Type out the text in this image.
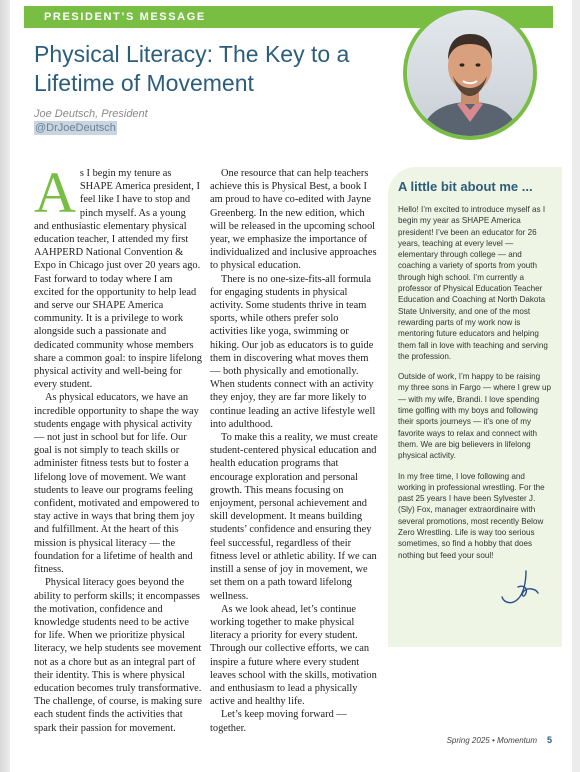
PRESIDENT’S MESSAGE
Physical Literacy: The Key to a Lifetime of Movement
Joe Deutsch, President
@DrJoeDeutsch
A s I begin my tenure as SHAPE America president, I feel like I have to stop and pinch myself. As a young and enthusiastic elementary physical education teacher, I attended my first AAHPERD National Convention & Expo in Chicago just over 20 years ago. Fast forward to today where I am excited for the opportunity to help lead and serve our SHAPE America community. It is a privilege to work alongside such a passionate and dedicated community whose members share a common goal: to inspire lifelong physical activity and well-being for every student.

As physical educators, we have an incredible opportunity to shape the way students engage with physical activity — not just in school but for life. Our goal is not simply to teach skills or administer fitness tests but to foster a lifelong love of movement. We want students to leave our programs feeling confident, motivated and empowered to stay active in ways that bring them joy and fulfillment. At the heart of this mission is physical literacy — the foundation for a lifetime of health and fitness.

Physical literacy goes beyond the ability to perform skills; it encompasses the motivation, confidence and knowledge students need to be active for life. When we prioritize physical literacy, we help students see movement not as a chore but as an integral part of their identity. This is where physical education becomes truly transformative. The challenge, of course, is making sure each student finds the activities that spark their passion for movement.

One resource that can help teachers achieve this is Physical Best, a book I am proud to have co-edited with Jayne Greenberg. In the new edition, which will be released in the upcoming school year, we emphasize the importance of individualized and inclusive approaches to physical education.

There is no one-size-fits-all formula for engaging students in physical activity. Some students thrive in team sports, while others prefer solo activities like yoga, swimming or hiking. Our job as educators is to guide them in discovering what moves them — both physically and emotionally. When students connect with an activity they enjoy, they are far more likely to continue leading an active lifestyle well into adulthood.

To make this a reality, we must create student-centered physical education and health education programs that encourage exploration and personal growth. This means focusing on enjoyment, personal achievement and skill development. It means building students’ confidence and ensuring they feel successful, regardless of their fitness level or athletic ability. If we can instill a sense of joy in movement, we set them on a path toward lifelong wellness.

As we look ahead, let’s continue working together to make physical literacy a priority for every student. Through our collective efforts, we can inspire a future where every student leaves school with the skills, motivation and enthusiasm to lead a physically active and healthy life.

Let’s keep moving forward — together.

A little bit about me ...

Hello! I’m excited to introduce myself as I begin my year as SHAPE America president! I’ve been an educator for 26 years, teaching at every level — elementary through college — and coaching a variety of sports from youth through high school. I’m currently a professor of Physical Education Teacher Education and Coaching at North Dakota State University, and one of the most rewarding parts of my work now is mentoring future educators and helping them fall in love with teaching and serving the profession.

Outside of work, I’m happy to be raising my three sons in Fargo — where I grew up — with my wife, Brandi. I love spending time golfing with my boys and following their sports journeys — it’s one of my favorite ways to relax and connect with them. We are big believers in lifelong physical activity.

In my free time, I love following and working in professional wrestling. For the past 25 years I have been Sylvester J. (Sly) Fox, manager extraordinaire with several promotions, most recently Below Zero Wrestling. Life is way too serious sometimes, so find a hobby that does nothing but feed your soul!

Spring 2025 • Momentum 5
